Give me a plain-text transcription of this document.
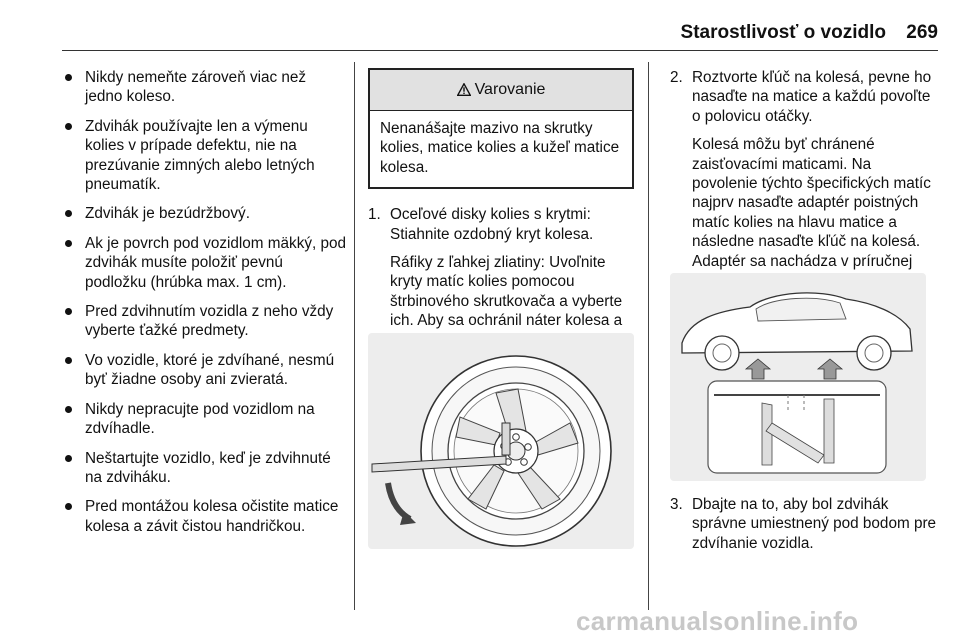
Starostlivosť o vozidlo	269
Nikdy nemeňte zároveň viac než jedno koleso.
Zdvihák používajte len a výmenu kolies v prípade defektu, nie na prezúvanie zimných alebo letných pneumatík.
Zdvihák je bezúdržbový.
Ak je povrch pod vozidlom mäkký, pod zdvihák musíte položiť pevnú podložku (hrúbka max. 1 cm).
Pred zdvihnutím vozidla z neho vždy vyberte ťažké predmety.
Vo vozidle, ktoré je zdvíhané, nesmú byť žiadne osoby ani zvieratá.
Nikdy nepracujte pod vozidlom na zdvíhadle.
Neštartujte vozidlo, keď je zdvihnuté na zdviháku.
Pred montážou kolesa očistite matice kolesa a závit čistou handričkou.
Varovanie
Nenanášajte mazivo na skrutky kolies, matice kolies a kužeľ matice kolesa.
1. Oceľové disky kolies s krytmi: Stiahnite ozdobný kryt kolesa.

Ráfiky z ľahkej zliatiny: Uvoľnite kryty matíc kolies pomocou štrbinového skrutkovača a vyberte ich. Aby sa ochránil náter kolesa a

2. Roztvorte kľúč na kolesá, pevne ho nasaďte na matice a každú povoľte o polovicu otáčky.

Kolesá môžu byť chránené zaisťovacími maticami. Na povolenie týchto špecifických matíc najprv nasaďte adaptér poistných matíc kolies na hlavu matice a následne nasaďte kľúč na kolesá. Adaptér sa nachádza v príručnej

3. Dbajte na to, aby bol zdvihák správne umiestnený pod bodom pre zdvíhanie vozidla.

carmanualsonline.info
